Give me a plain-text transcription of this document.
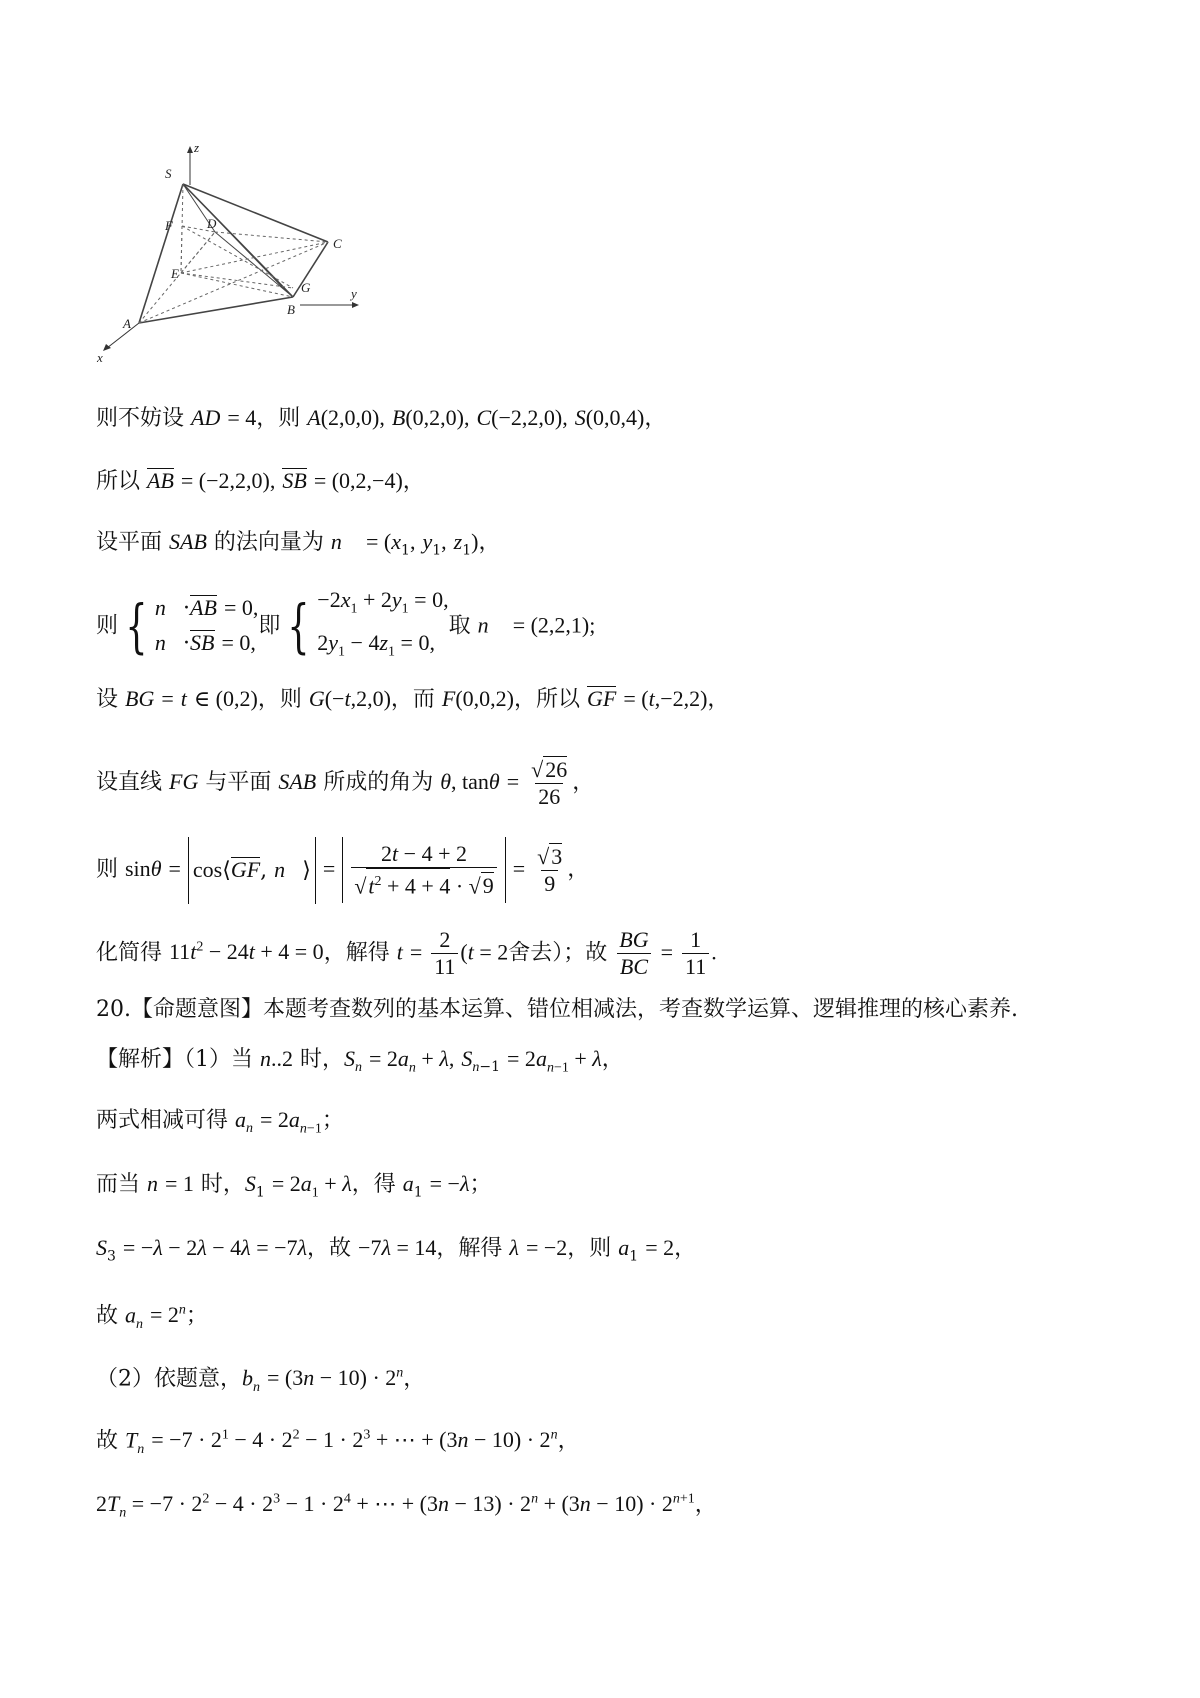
z
S
F	D
C
E
G	y
B
A
x
则不妨设 AD = 4，则 A(2,0,0), B(0,2,0), C(−2,2,0), S(0,0,4)，
所以 AB = (−2,2,0), SB = (0,2,−4)，
设平面 SAB 的法向量为 n⃗ = ($x_1$, $y_1$, $z_1$)，
则 { n⃗·AB = 0,
n⃗·SB = 0,
即 { $-2x_1 + 2y_1 = 0$,
$2y_1 - 4z_1 = 0$,
取 n⃗ = (2,2,1);
设 BG = t ∈ (0,2)，则 G(−t,2,0)，而 F(0,0,2)，所以 GF = (t,−2,2)，
设直线 FG 与平面 SAB 所成的角为 θ, $\tan\theta = \frac{√26}{26}$ ，
则 sinθ = cos⟨GF, n⃗⟩ = $\frac{2t - 4 + 2}{√t^2 + 4 + 4 \cdot √9} = \frac{√3}{9}$ ，
化简得 $11t^2 - 24t + 4 = 0$，解得 $t = \frac{2}{11} (t = 2$舍去）；故 $\frac{BG}{BC} = \frac{1}{11}$ .
20.【命题意图】本题考查数列的基本运算、错位相减法，考查数学运算、逻辑推理的核心素养.
【解析】（1）当 n..2 时，$S_n = 2a_n + \lambda$, $S_{n-1} = 2a_{n-1} + \lambda$，
两式相减可得 $a_n = 2a_{n-1}$；
而当 n = 1 时，$S_1 = 2a_1 + \lambda$，得 $a_1 = -\lambda$；
$S_3 = -\lambda - 2\lambda - 4\lambda = -7\lambda$，故 −7λ = 14，解得 λ = −2，则 $a_1 = 2$，
故 $a_n = 2^n$；
（2）依题意，$b_n = (3n - 10) \cdot 2^n$，
故 $T_n = -7 \cdot 2^1 - 4 \cdot 2^2 - 1 \cdot 2^3$ + ⋯ + $(3n - 10) \cdot 2^n$，
$2T_n = -7 \cdot 2^2 - 4 \cdot 2^3 - 1 \cdot 2^4$ + ⋯ + $(3n - 13) \cdot 2^n + (3n - 10) \cdot 2^{n+1}$，
